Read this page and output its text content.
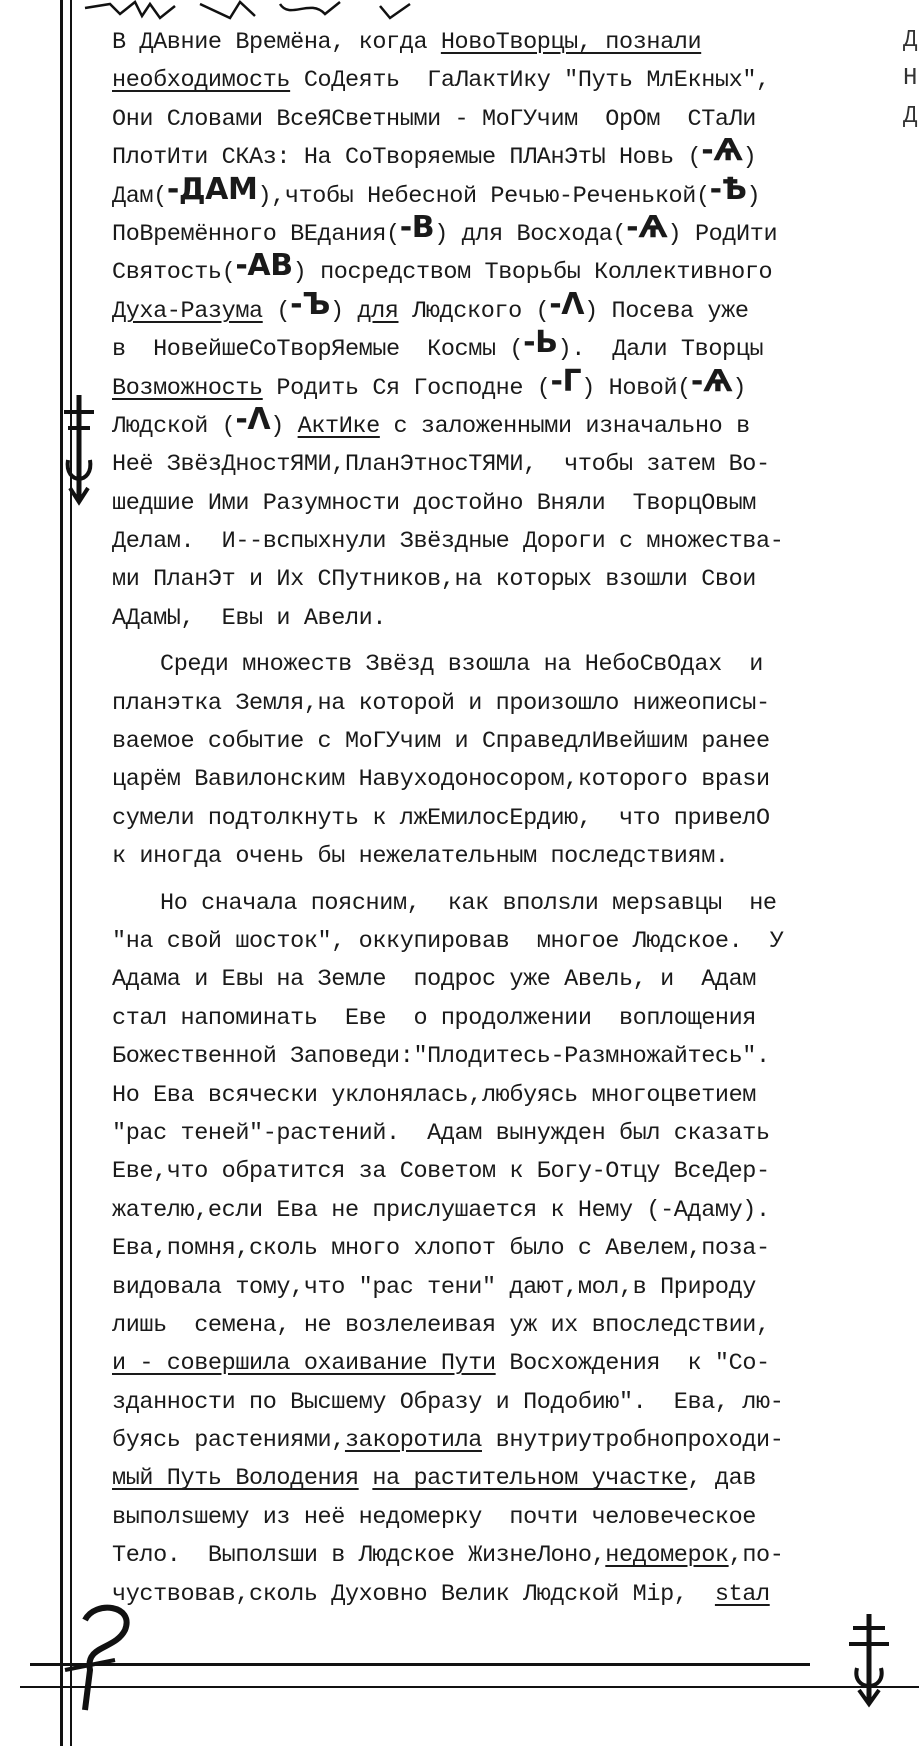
Д
Н
Д
В ДАвние Времёна, когда НовоТворцы, познали
необходимость СоДеять  ГаЛактИку "Путь МлЕкных",
Они Словами ВсеЯСветными - МоГУчим  ОрОм  СТаЛи
ПлотИти СКАз: На СоТворяемые ПЛАнЭтЫ Новь (-Ѧ)
Дам(-ДАМ),чтобы Небесной Речью-Реченькой(-Ѣ)
ПоВремённого ВЕдания(-В) для Восхода(-Ѧ) РодИти
Святость(-АВ) посредством Творьбы Коллективного
Духа-Разума (-Ъ) для Людского (-Λ) Посева уже
в  НовейшеСоТворЯемые  Космы (-Ь).  Дали Творцы
Возможность Родить Ся Господне (-Г) Новой(-Ѧ)
Людской (-Λ) АктИке с заложенными изначально в
Неё ЗвёзДностЯМИ,ПланЭтносТЯМИ,  чтобы затем Во-
шедшие Ими Разумности достойно Вняли  ТворцОвым
Делам.  И--вспыхнули Звёздные Дороги с множества-
ми ПланЭт и Их СПутников,на которых взошли Свои
АДамЫ,  Евы и Авели.
Среди множеств Звёзд взошла на НебоСвОдах  и
планэтка Земля,на которой и произошло нижеописы-
ваемое событие с МоГУчим и СправедлИвейшим ранее
царём Вавилонским Навуходоносором,которого враsи
сумели подтолкнуть к лжЕмилосЕрдию,  что привелО
к иногда очень бы нежелательным последствиям.
Но сначала поясним,  как вполsли мерsавцы  не
"на свой шосток", оккупировав  многое Людское.  У
Адама и Евы на Земле  подрос уже Авель, и  Адам
стал напоминать  Еве  о продолжении  воплощения
Божественной Заповеди:"Плодитесь-Размножайтесь".
Но Ева всячески уклонялась,любуясь многоцветием
"рас теней"-растений.  Адам вынужден был сказать
Еве,что обратится за Советом к Богу-Отцу ВсеДер-
жателю,если Ева не прислушается к Нему (-Адаму).
Ева,помня,сколь много хлопот было с Авелем,поза-
видовала тому,что "рас тени" дают,мол,в Природу
лишь  семена, не возлелеивая уж их впоследствии,
и - совершила охаивание Пути Восхождения  к "Со-
зданности по Высшему Образу и Подобию".  Ева, лю-
буясь растениями,закоротила внутриутробнопроходи-
мый Путь Володения на растительном участке, дав
выполsшему из неё недомерку  почти человеческое
Тело.  Выполsши в Людское ЖизнеЛоно,недомерок,по-
чуствовав,сколь Духовно Велик Людской Мiр,  stал
